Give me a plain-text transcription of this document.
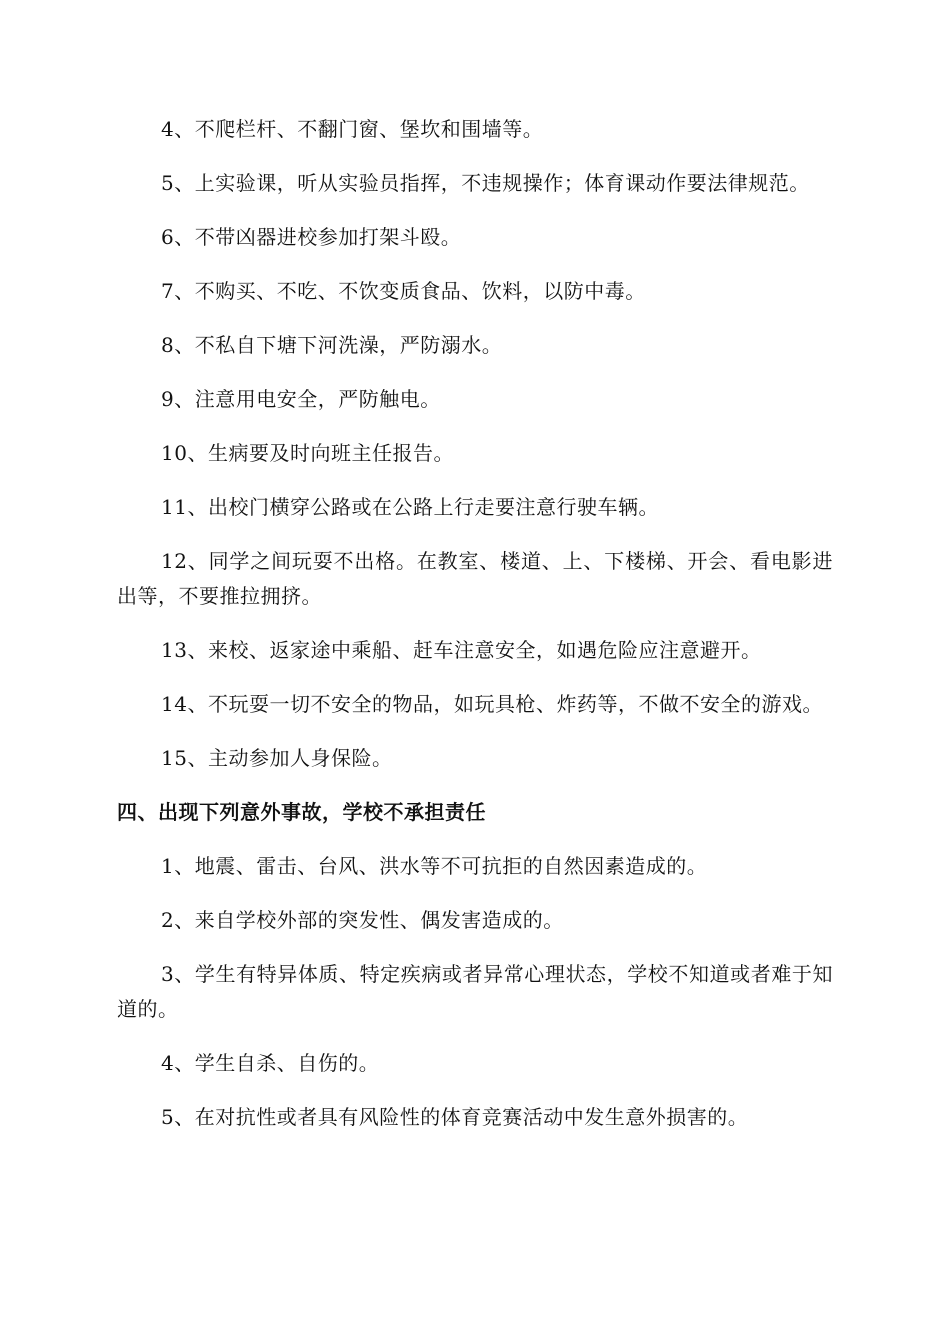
4、不爬栏杆、不翻门窗、堡坎和围墙等。

5、上实验课，听从实验员指挥，不违规操作；体育课动作要法律规范。

6、不带凶器进校参加打架斗殴。

7、不购买、不吃、不饮变质食品、饮料，以防中毒。

8、不私自下塘下河洗澡，严防溺水。

9、注意用电安全，严防触电。

10、生病要及时向班主任报告。

11、出校门横穿公路或在公路上行走要注意行驶车辆。

12、同学之间玩耍不出格。在教室、楼道、上、下楼梯、开会、看电影进出等，不要推拉拥挤。

13、来校、返家途中乘船、赶车注意安全，如遇危险应注意避开。

14、不玩耍一切不安全的物品，如玩具枪、炸药等，不做不安全的游戏。

15、主动参加人身保险。

四、出现下列意外事故，学校不承担责任

1、地震、雷击、台风、洪水等不可抗拒的自然因素造成的。

2、来自学校外部的突发性、偶发害造成的。

3、学生有特异体质、特定疾病或者异常心理状态，学校不知道或者难于知道的。

4、学生自杀、自伤的。

5、在对抗性或者具有风险性的体育竞赛活动中发生意外损害的。
